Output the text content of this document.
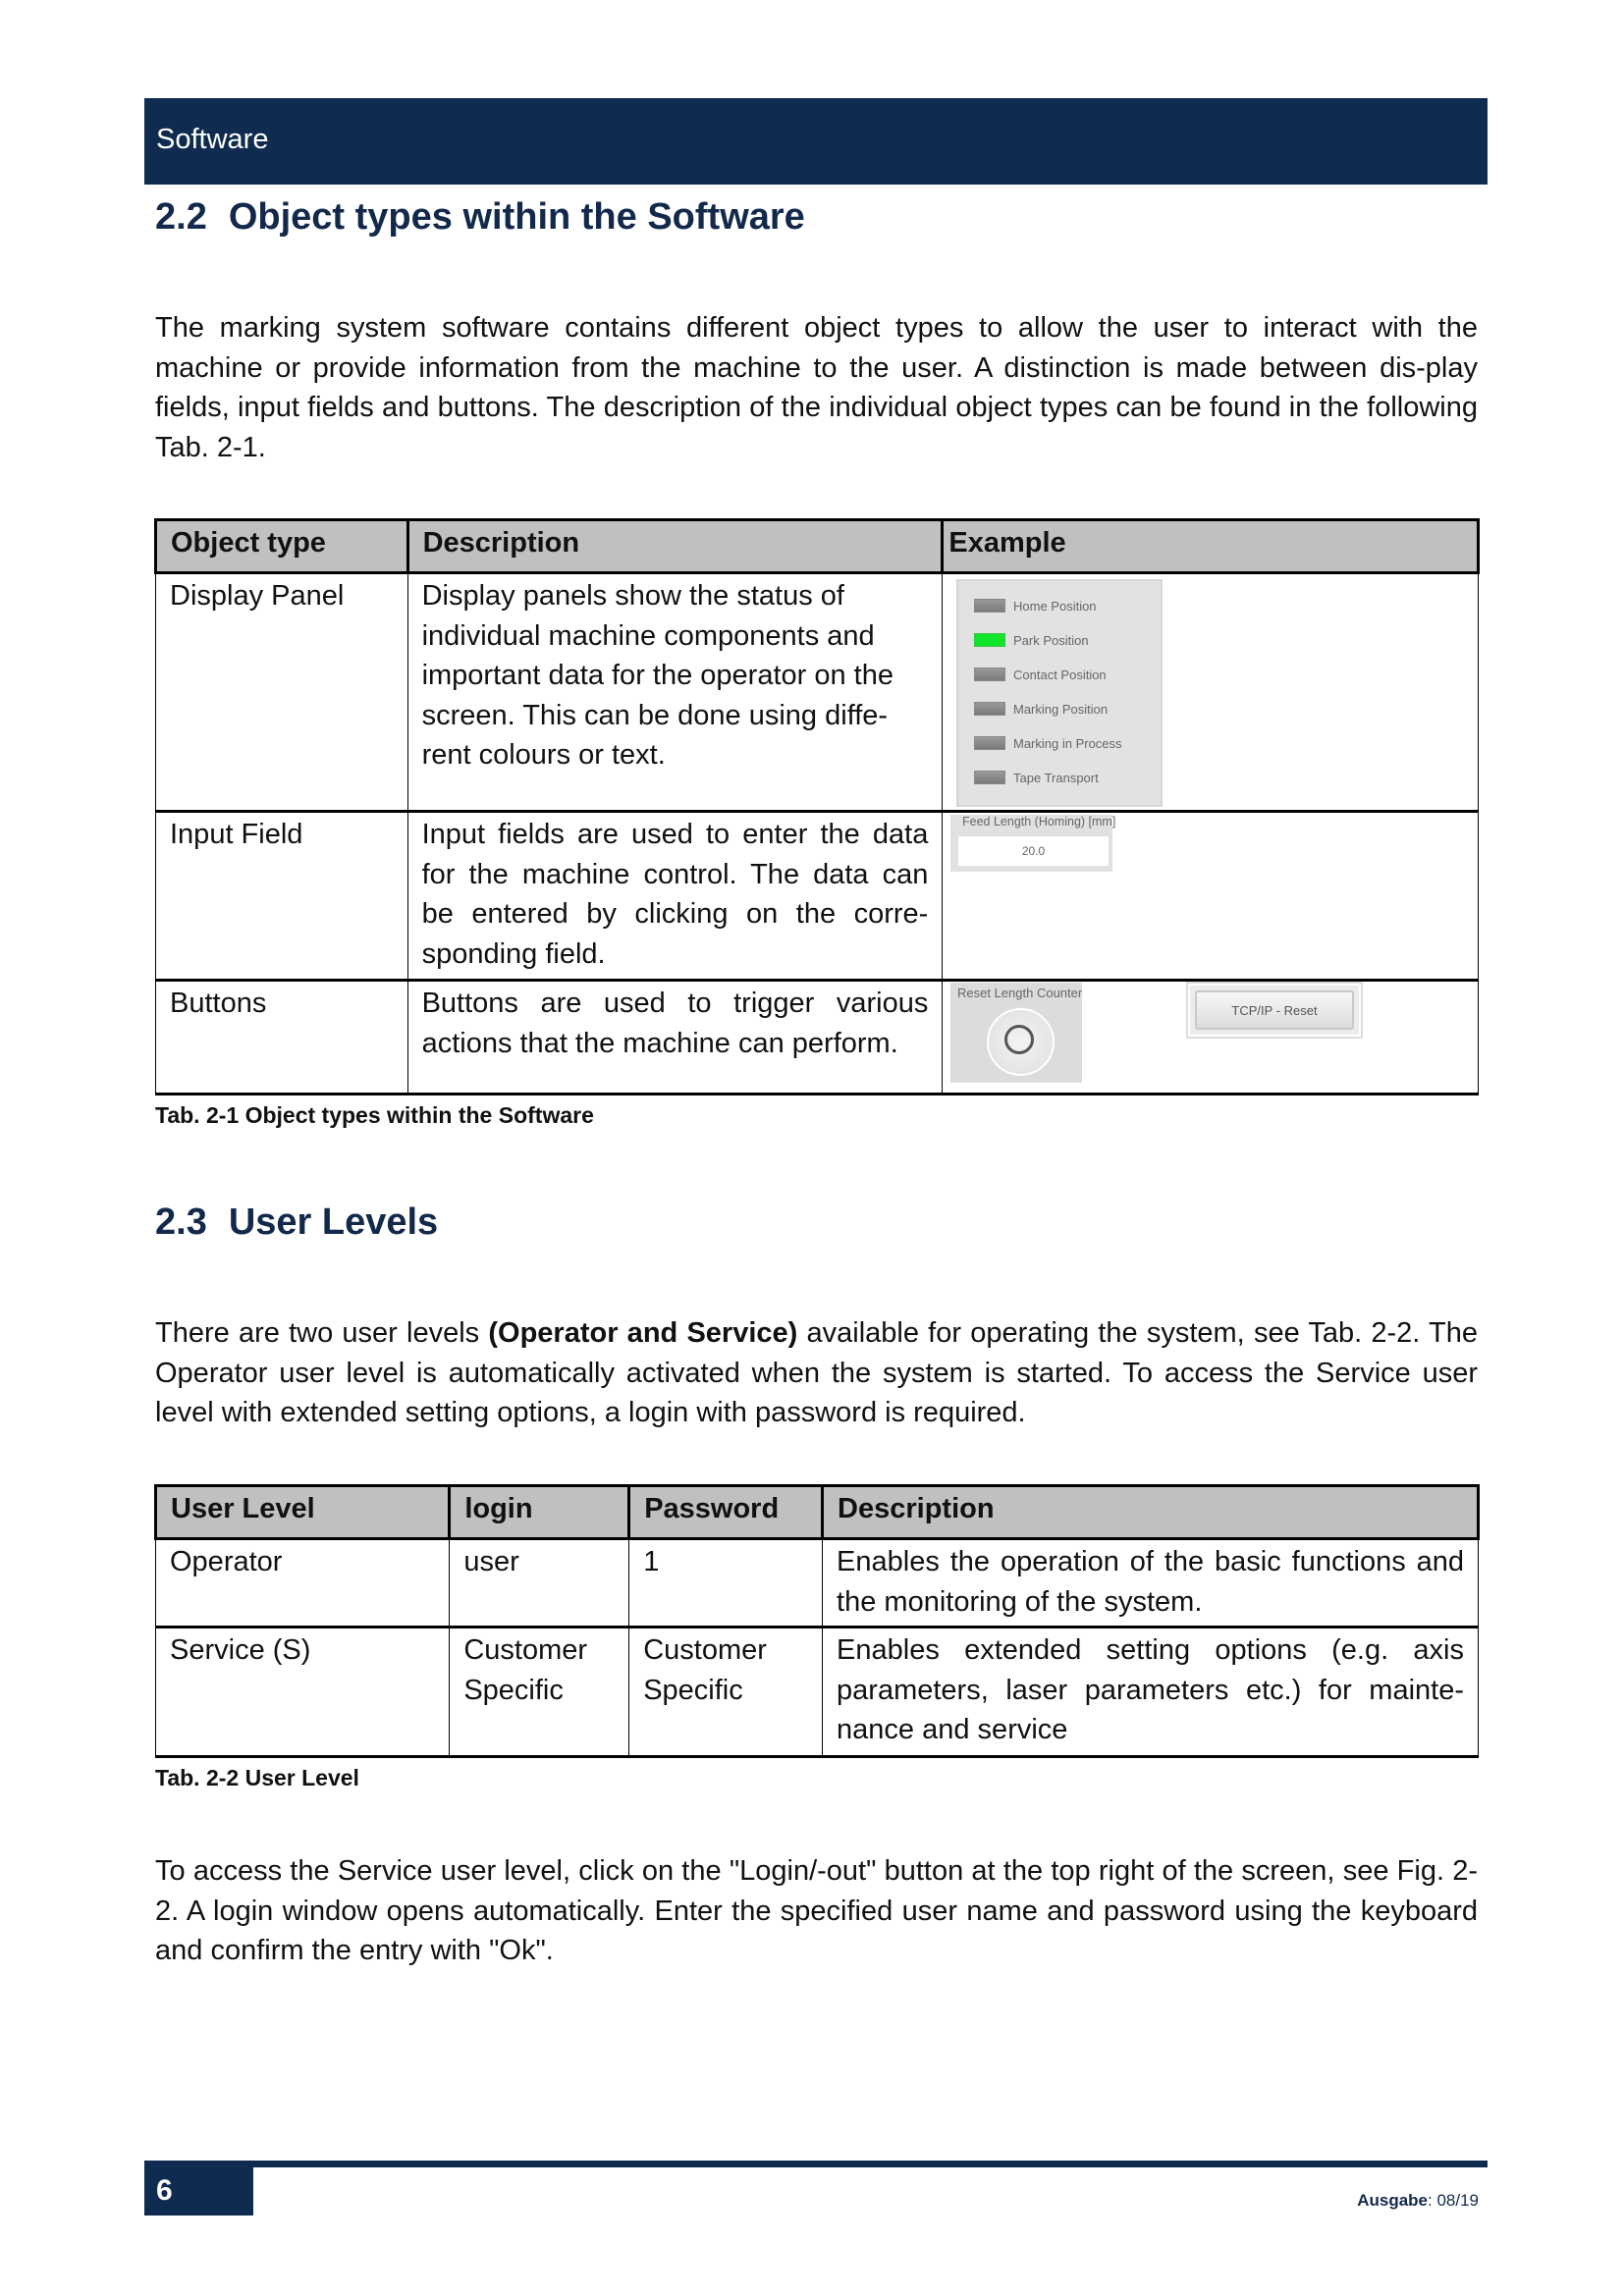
Software
2.2 Object types within the Software
The marking system software contains different object types to allow the user to interact with the machine or provide information from the machine to the user. A distinction is made between dis-play fields, input fields and buttons. The description of the individual object types can be found in the following Tab. 2-1.
Object type	Description	Example
Display Panel	Display panels show the status of individual machine components and important data for the operator on the screen. This can be done using diffe-rent colours or text.	
Input Field	Input fields are used to enter the data for the machine control. The data can be entered by clicking on the corre-sponding field.	
Buttons	Buttons are used to trigger various actions that the machine can perform.	
Home Position
Park Position
Contact Position
Marking Position
Marking in Process
Tape Transport
Feed Length (Homing) [mm]
20.0
Reset Length Counter
TCP/IP - Reset
Tab. 2-1 Object types within the Software
2.3 User Levels
There are two user levels (Operator and Service) available for operating the system, see Tab. 2-2. The Operator user level is automatically activated when the system is started. To access the Service user level with extended setting options, a login with password is required.
User Level	login	Password	Description
Operator	user	1	Enables the operation of the basic functions and the monitoring of the system.
Service (S)	Customer Specific	Customer Specific	Enables extended setting options (e.g. axis parameters, laser parameters etc.) for mainte-nance and service
Tab. 2-2 User Level
To access the Service user level, click on the "Login/-out" button at the top right of the screen, see Fig. 2-2. A login window opens automatically. Enter the specified user name and password using the keyboard and confirm the entry with "Ok".
6	Ausgabe: 08/19
